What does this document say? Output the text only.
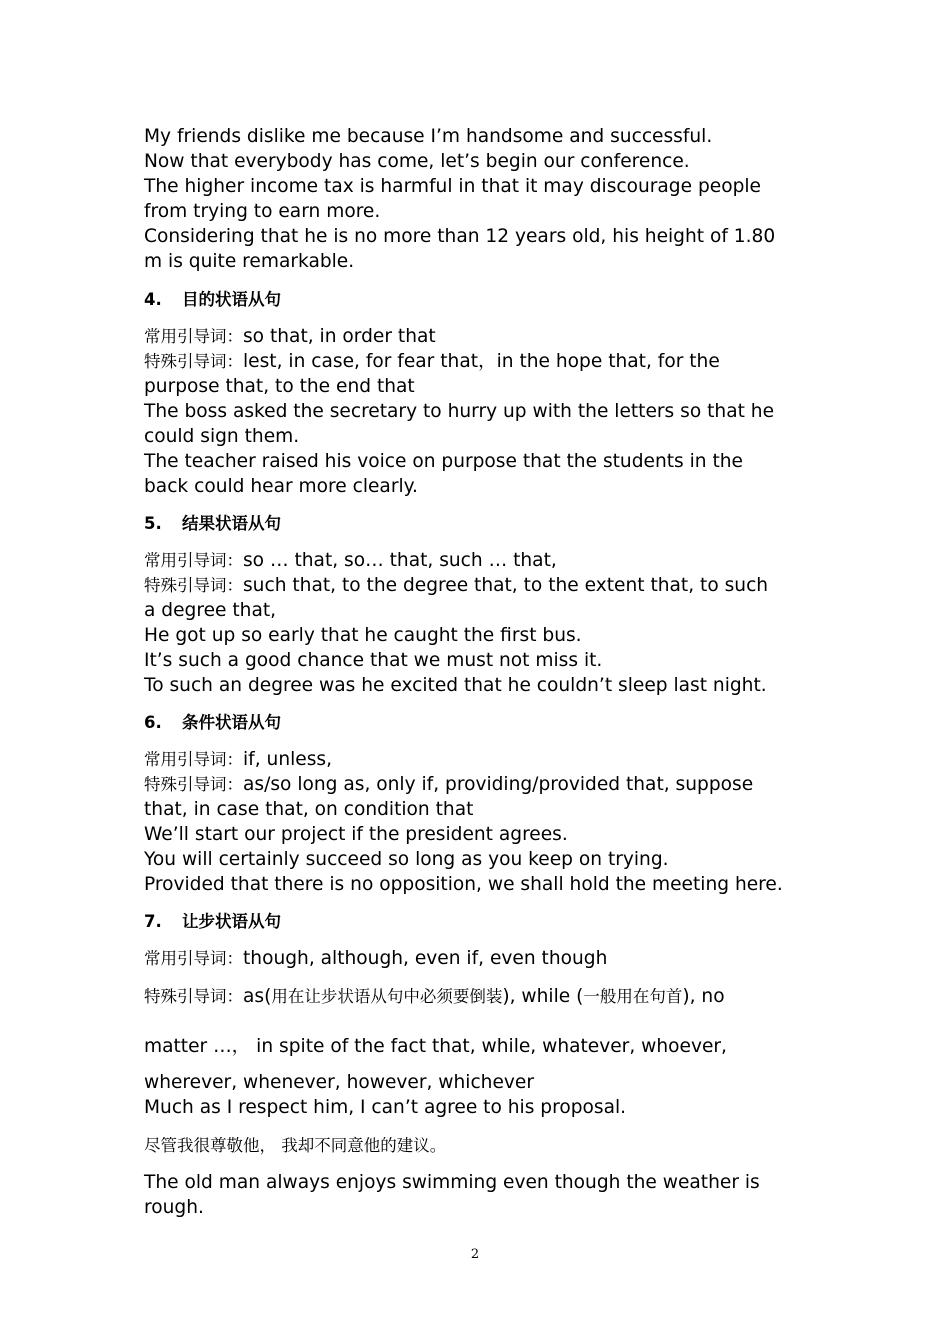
My friends dislike me because I’m handsome and successful.
Now that everybody has come, let’s begin our conference.
The higher income tax is harmful in that it may discourage people
from trying to earn more.
Considering that he is no more than 12 years old, his height of 1.80
m is quite remarkable.
4. 目的状语从句
常用引导词：so that, in order that
特殊引导词：lest, in case, for fear that，in the hope that, for the
purpose that, to the end that
The boss asked the secretary to hurry up with the letters so that he
could sign them.
The teacher raised his voice on purpose that the students in the
back could hear more clearly.
5. 结果状语从句
常用引导词：so … that, so… that, such … that,
特殊引导词：such that, to the degree that, to the extent that, to such
a degree that,
He got up so early that he caught the first bus.
It’s such a good chance that we must not miss it.
To such an degree was he excited that he couldn’t sleep last night.
6. 条件状语从句
常用引导词：if, unless,
特殊引导词：as/so long as, only if, providing/provided that, suppose
that, in case that, on condition that
We’ll start our project if the president agrees.
You will certainly succeed so long as you keep on trying.
Provided that there is no opposition, we shall hold the meeting here.
7. 让步状语从句
常用引导词：though, although, even if, even though
特殊引导词：as(用在让步状语从句中必须要倒装), while (一般用在句首), no
matter …， in spite of the fact that, while, whatever, whoever,
wherever, whenever, however, whichever
Much as I respect him, I can’t agree to his proposal.
尽管我很尊敬他， 我却不同意他的建议。
The old man always enjoys swimming even though the weather is
rough.
2
